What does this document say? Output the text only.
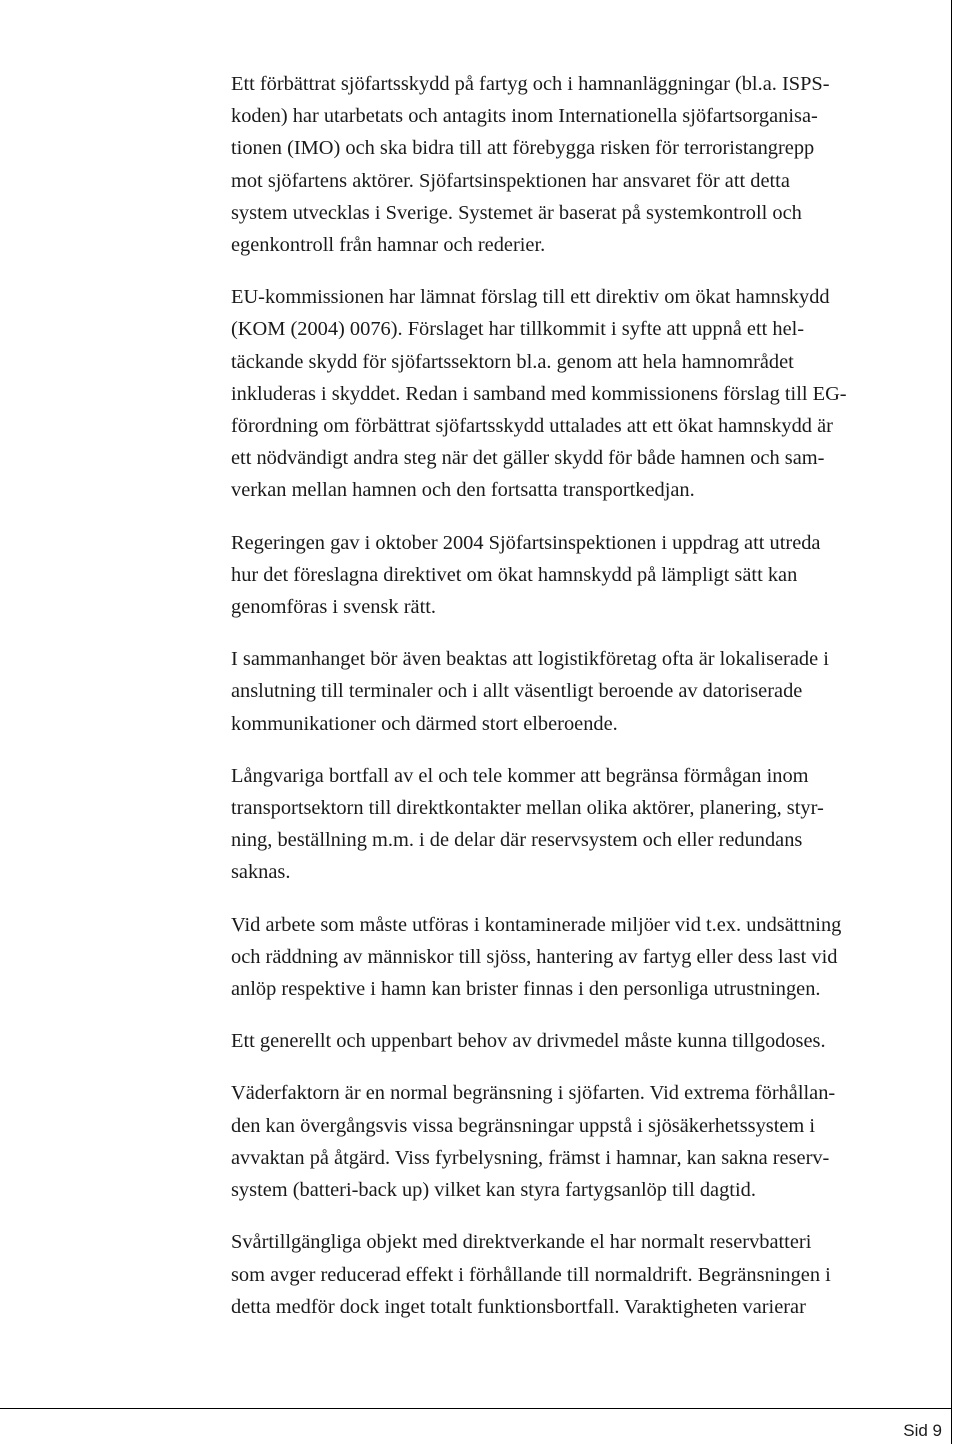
Ett förbättrat sjöfartsskydd på fartyg och i hamnanläggningar (bl.a. ISPS-
koden) har utarbetats och antagits inom Internationella sjöfartsorganisa-
tionen (IMO) och ska bidra till att förebygga risken för terroristangrepp
mot sjöfartens aktörer. Sjöfartsinspektionen har ansvaret för att detta
system utvecklas i Sverige. Systemet är baserat på systemkontroll och
egenkontroll från hamnar och rederier.

EU-kommissionen har lämnat förslag till ett direktiv om ökat hamnskydd
(KOM (2004) 0076). Förslaget har tillkommit i syfte att uppnå ett hel-
täckande skydd för sjöfartssektorn bl.a. genom att hela hamnområdet
inkluderas i skyddet. Redan i samband med kommissionens förslag till EG-
förordning om förbättrat sjöfartsskydd uttalades att ett ökat hamnskydd är
ett nödvändigt andra steg när det gäller skydd för både hamnen och sam-
verkan mellan hamnen och den fortsatta transportkedjan.

Regeringen gav i oktober 2004 Sjöfartsinspektionen i uppdrag att utreda
hur det föreslagna direktivet om ökat hamnskydd på lämpligt sätt kan
genomföras i svensk rätt.

I sammanhanget bör även beaktas att logistikföretag ofta är lokaliserade i
anslutning till terminaler och i allt väsentligt beroende av datoriserade
kommunikationer och därmed stort elberoende.

Långvariga bortfall av el och tele kommer att begränsa förmågan inom
transportsektorn till direktkontakter mellan olika aktörer, planering, styr-
ning, beställning m.m. i de delar där reservsystem och eller redundans
saknas.

Vid arbete som måste utföras i kontaminerade miljöer vid t.ex. undsättning
och räddning av människor till sjöss, hantering av fartyg eller dess last vid
anlöp respektive i hamn kan brister finnas i den personliga utrustningen.

Ett generellt och uppenbart behov av drivmedel måste kunna tillgodoses.

Väderfaktorn är en normal begränsning i sjöfarten. Vid extrema förhållan-
den kan övergångsvis vissa begränsningar uppstå i sjösäkerhetssystem i
avvaktan på åtgärd. Viss fyrbelysning, främst i hamnar, kan sakna reserv-
system (batteri-back up) vilket kan styra fartygsanlöp till dagtid.

Svårtillgängliga objekt med direktverkande el har normalt reservbatteri
som avger reducerad effekt i förhållande till normaldrift. Begränsningen i
detta medför dock inget totalt funktionsbortfall. Varaktigheten varierar

Sid 9
